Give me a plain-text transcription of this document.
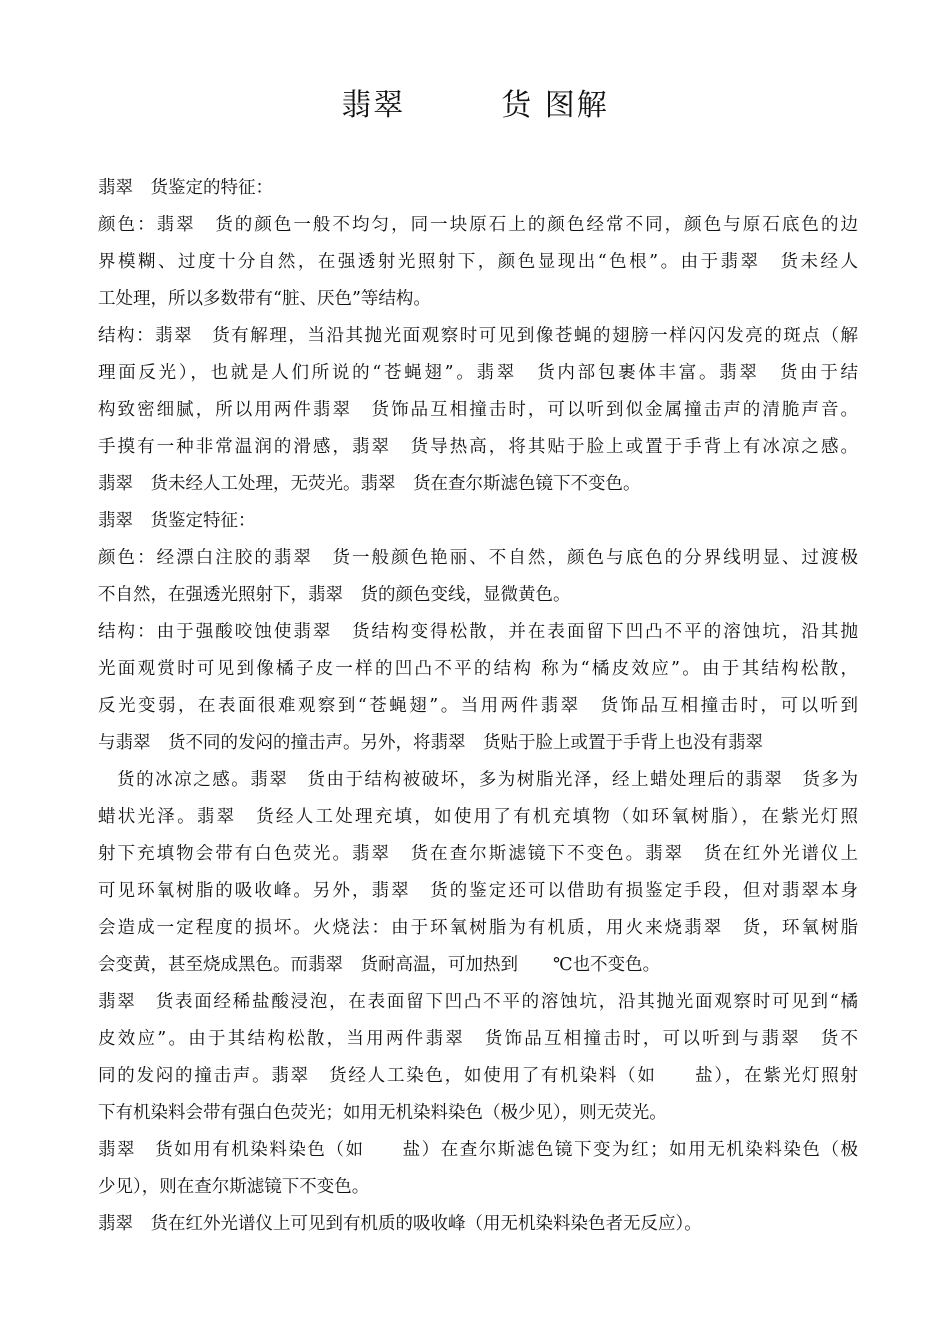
翡翠　　　货 图解

翡翠　货鉴定的特征：

颜色：翡翠　货的颜色一般不均匀，同一块原石上的颜色经常不同，颜色与原石底色的边

界模糊、过度十分自然，在强透射光照射下，颜色显现出“色根”。由于翡翠　货未经人

工处理，所以多数带有“脏、厌色”等结构。

结构：翡翠　货有解理，当沿其抛光面观察时可见到像苍蝇的翅膀一样闪闪发亮的斑点（解

理面反光），也就是人们所说的“苍蝇翅”。翡翠　货内部包裹体丰富。翡翠　货由于结

构致密细腻，所以用两件翡翠　货饰品互相撞击时，可以听到似金属撞击声的清脆声音。

手摸有一种非常温润的滑感，翡翠　货导热高，将其贴于脸上或置于手背上有冰凉之感。

翡翠　货未经人工处理，无荧光。翡翠　货在查尔斯滤色镜下不变色。

翡翠　货鉴定特征：

颜色：经漂白注胶的翡翠　货一般颜色艳丽、不自然，颜色与底色的分界线明显、过渡极

不自然，在强透光照射下，翡翠　货的颜色变线，显微黄色。

结构：由于强酸咬蚀使翡翠　货结构变得松散，并在表面留下凹凸不平的溶蚀坑，沿其抛

光面观赏时可见到像橘子皮一样的凹凸不平的结构 称为“橘皮效应”。由于其结构松散，

反光变弱，在表面很难观察到“苍蝇翅”。当用两件翡翠　货饰品互相撞击时，可以听到

与翡翠　货不同的发闷的撞击声。另外，将翡翠　货贴于脸上或置于手背上也没有翡翠

　货的冰凉之感。翡翠　货由于结构被破坏，多为树脂光泽，经上蜡处理后的翡翠　货多为

蜡状光泽。翡翠　货经人工处理充填，如使用了有机充填物（如环氧树脂），在紫光灯照

射下充填物会带有白色荧光。翡翠　货在查尔斯滤镜下不变色。翡翠　货在红外光谱仪上

可见环氧树脂的吸收峰。另外，翡翠　货的鉴定还可以借助有损鉴定手段，但对翡翠本身

会造成一定程度的损坏。火烧法：由于环氧树脂为有机质，用火来烧翡翠　货，环氧树脂

会变黄，甚至烧成黑色。而翡翠　货耐高温，可加热到　　℃也不变色。

翡翠　货表面经稀盐酸浸泡，在表面留下凹凸不平的溶蚀坑，沿其抛光面观察时可见到“橘

皮效应”。由于其结构松散，当用两件翡翠　货饰品互相撞击时，可以听到与翡翠　货不

同的发闷的撞击声。翡翠　货经人工染色，如使用了有机染料（如　　盐），在紫光灯照射

下有机染料会带有强白色荧光；如用无机染料染色（极少见），则无荧光。

翡翠　货如用有机染料染色（如　　盐）在查尔斯滤色镜下变为红；如用无机染料染色（极

少见），则在查尔斯滤镜下不变色。

翡翠　货在红外光谱仪上可见到有机质的吸收峰（用无机染料染色者无反应）。
